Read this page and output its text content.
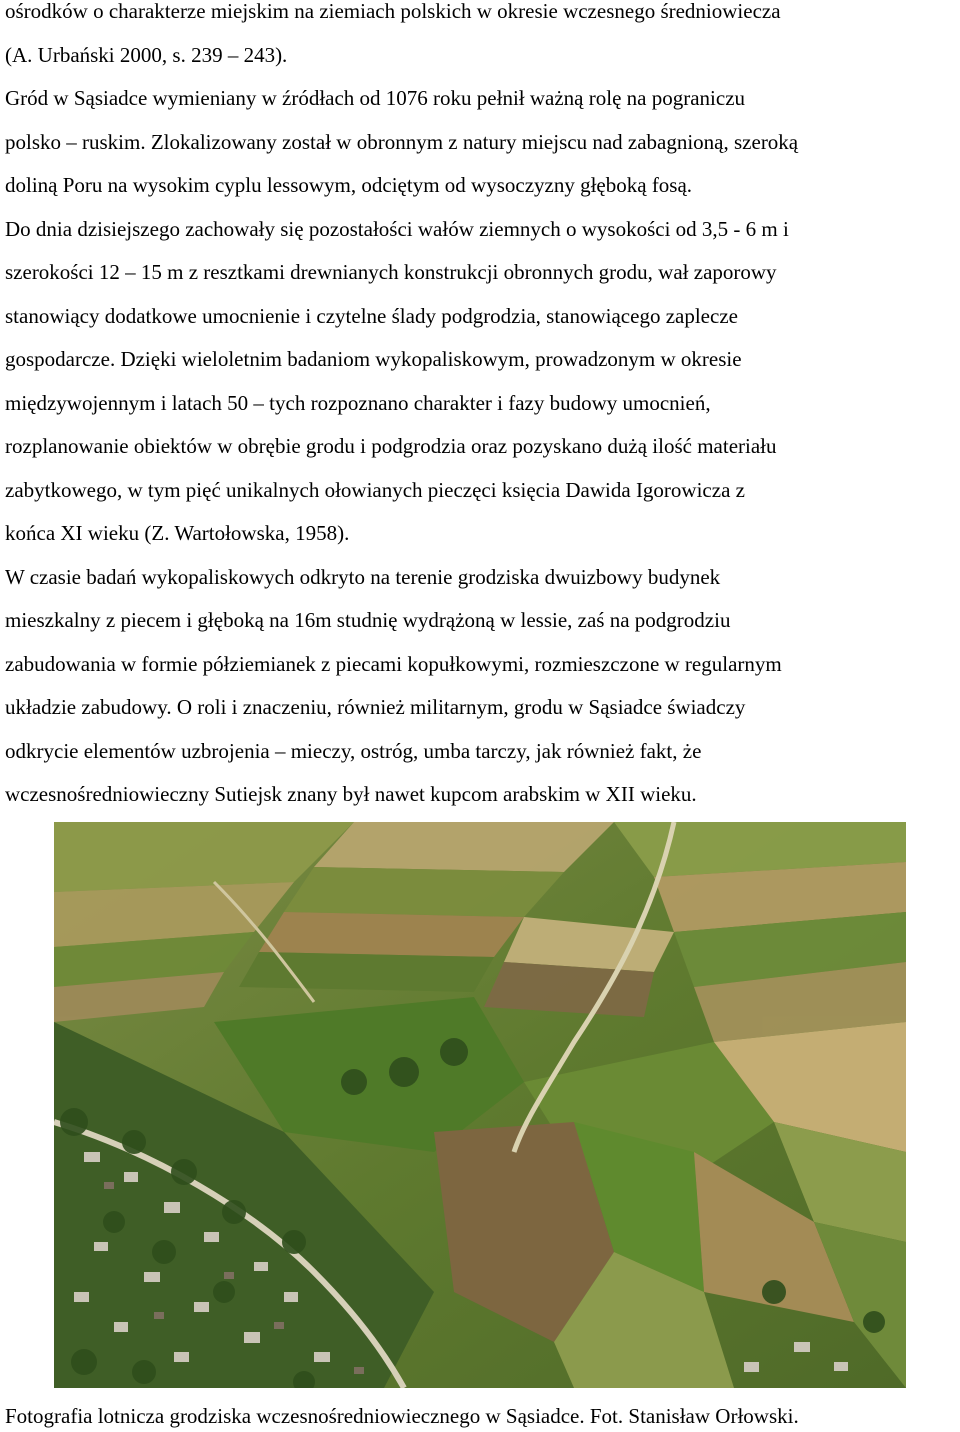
ośrodków o charakterze miejskim na ziemiach polskich w okresie wczesnego średniowiecza
(A. Urbański 2000, s. 239 – 243).
Gród w Sąsiadce wymieniany w źródłach od 1076 roku pełnił ważną rolę na pograniczu
polsko – ruskim. Zlokalizowany został w obronnym z natury miejscu nad zabagnioną, szeroką
doliną Poru na wysokim cyplu lessowym, odciętym od wysoczyzny głęboką fosą.
Do dnia dzisiejszego zachowały się pozostałości wałów ziemnych o wysokości od 3,5 - 6 m i
szerokości 12 – 15 m z resztkami drewnianych konstrukcji obronnych grodu, wał zaporowy
stanowiący dodatkowe umocnienie i czytelne ślady podgrodzia, stanowiącego zaplecze
gospodarcze. Dzięki wieloletnim badaniom wykopaliskowym, prowadzonym w okresie
międzywojennym i latach 50 – tych rozpoznano charakter i fazy budowy umocnień,
rozplanowanie obiektów w obrębie grodu i podgrodzia oraz pozyskano dużą ilość materiału
zabytkowego, w tym pięć unikalnych ołowianych pieczęci księcia Dawida Igorowicza z
końca XI wieku (Z. Wartołowska, 1958).
W czasie badań wykopaliskowych odkryto na terenie grodziska dwuizbowy budynek
mieszkalny z piecem i głęboką na 16m studnię wydrążoną w lessie, zaś na podgrodziu
zabudowania w formie półziemianek z piecami kopułkowymi, rozmieszczone w regularnym
układzie zabudowy. O roli i znaczeniu, również militarnym, grodu w Sąsiadce świadczy
odkrycie elementów uzbrojenia – mieczy, ostróg, umba tarczy, jak również fakt, że
wczesnośredniowieczny Sutiejsk znany był nawet kupcom arabskim w XII wieku.
Fotografia lotnicza grodziska wczesnośredniowiecznego w Sąsiadce. Fot. Stanisław Orłowski.
